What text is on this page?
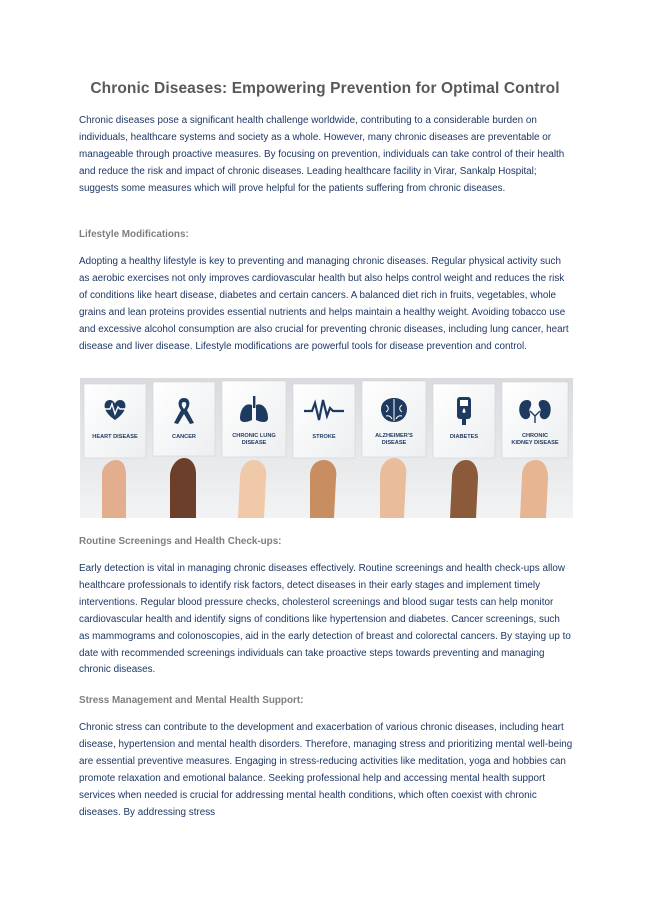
Chronic Diseases: Empowering Prevention for Optimal Control

Chronic diseases pose a significant health challenge worldwide, contributing to a considerable burden on individuals, healthcare systems and society as a whole. However, many chronic diseases are preventable or manageable through proactive measures. By focusing on prevention, individuals can take control of their health and reduce the risk and impact of chronic diseases. Leading healthcare facility in Virar, Sankalp Hospital; suggests some measures which will prove helpful for the patients suffering from chronic diseases.

Lifestyle Modifications:

Adopting a healthy lifestyle is key to preventing and managing chronic diseases. Regular physical activity such as aerobic exercises not only improves cardiovascular health but also helps control weight and reduces the risk of conditions like heart disease, diabetes and certain cancers. A balanced diet rich in fruits, vegetables, whole grains and lean proteins provides essential nutrients and helps maintain a healthy weight. Avoiding tobacco use and excessive alcohol consumption are also crucial for preventing chronic diseases, including lung cancer, heart disease and liver disease. Lifestyle modifications are powerful tools for disease prevention and control.

HEART DISEASE	CANCER	CHRONIC LUNG
DISEASE
STROKE	ALZHEIMER'S
DISEASE
DIABETES	CHRONIC
KIDNEY DISEASE
Routine Screenings and Health Check-ups:

Early detection is vital in managing chronic diseases effectively. Routine screenings and health check-ups allow healthcare professionals to identify risk factors, detect diseases in their early stages and implement timely interventions. Regular blood pressure checks, cholesterol screenings and blood sugar tests can help monitor cardiovascular health and identify signs of conditions like hypertension and diabetes. Cancer screenings, such as mammograms and colonoscopies, aid in the early detection of breast and colorectal cancers. By staying up to date with recommended screenings individuals can take proactive steps towards preventing and managing chronic diseases.

Stress Management and Mental Health Support:

Chronic stress can contribute to the development and exacerbation of various chronic diseases, including heart disease, hypertension and mental health disorders. Therefore, managing stress and prioritizing mental well-being are essential preventive measures. Engaging in stress-reducing activities like meditation, yoga and hobbies can promote relaxation and emotional balance. Seeking professional help and accessing mental health support services when needed is crucial for addressing mental health conditions, which often coexist with chronic diseases. By addressing stress
